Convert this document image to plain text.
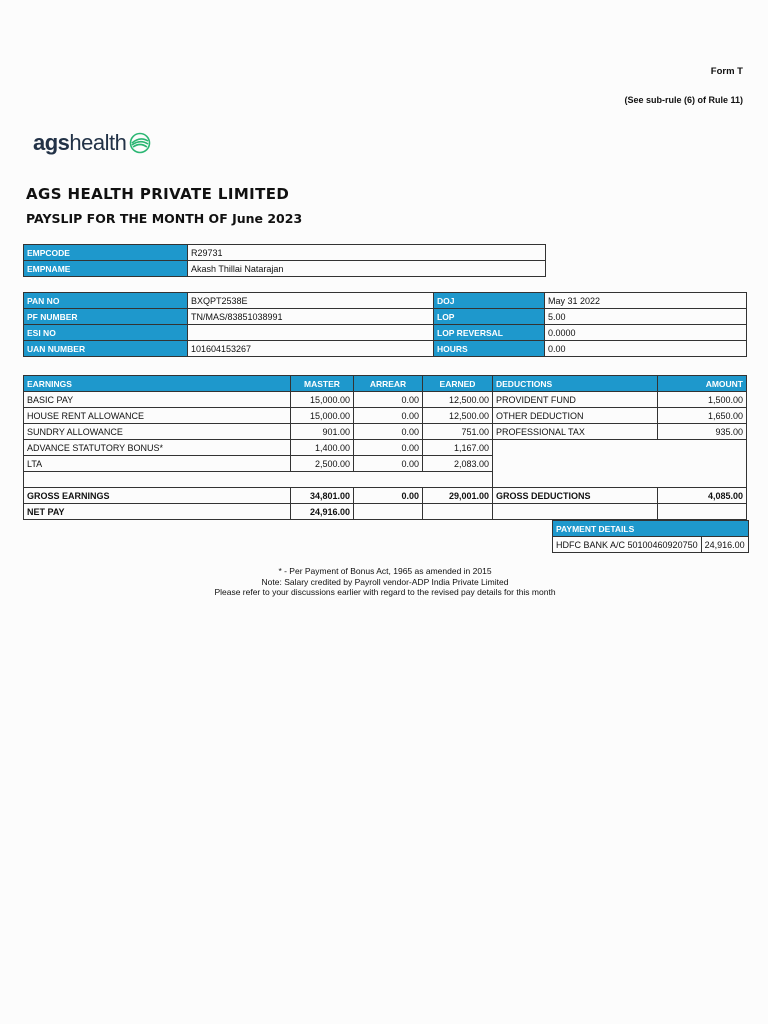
Form T
(See sub-rule (6) of Rule 11)
agshealth
AGS HEALTH PRIVATE LIMITED
PAYSLIP FOR THE MONTH OF June 2023
EMPCODE	R29731
EMPNAME	Akash Thillai Natarajan
PAN NO	BXQPT2538E	DOJ	May 31 2022
PF NUMBER	TN/MAS/83851038991	LOP	5.00
ESI NO		LOP REVERSAL	0.0000
UAN NUMBER	101604153267	HOURS	0.00
EARNINGS	MASTER	ARREAR	EARNED	DEDUCTIONS	AMOUNT
BASIC PAY	15,000.00	0.00	12,500.00	PROVIDENT FUND	1,500.00
HOUSE RENT ALLOWANCE	15,000.00	0.00	12,500.00	OTHER DEDUCTION	1,650.00
SUNDRY ALLOWANCE	901.00	0.00	751.00	PROFESSIONAL TAX	935.00
ADVANCE STATUTORY BONUS*	1,400.00	0.00	1,167.00		
LTA	2,500.00	0.00	2,083.00		

GROSS EARNINGS	34,801.00	0.00	29,001.00	GROSS DEDUCTIONS	4,085.00
NET PAY	24,916.00				
PAYMENT DETAILS
HDFC BANK A/C 50100460920750	24,916.00
* - Per Payment of Bonus Act, 1965 as amended in 2015
Note: Salary credited by Payroll vendor-ADP India Private Limited
Please refer to your discussions earlier with regard to the revised pay details for this month
